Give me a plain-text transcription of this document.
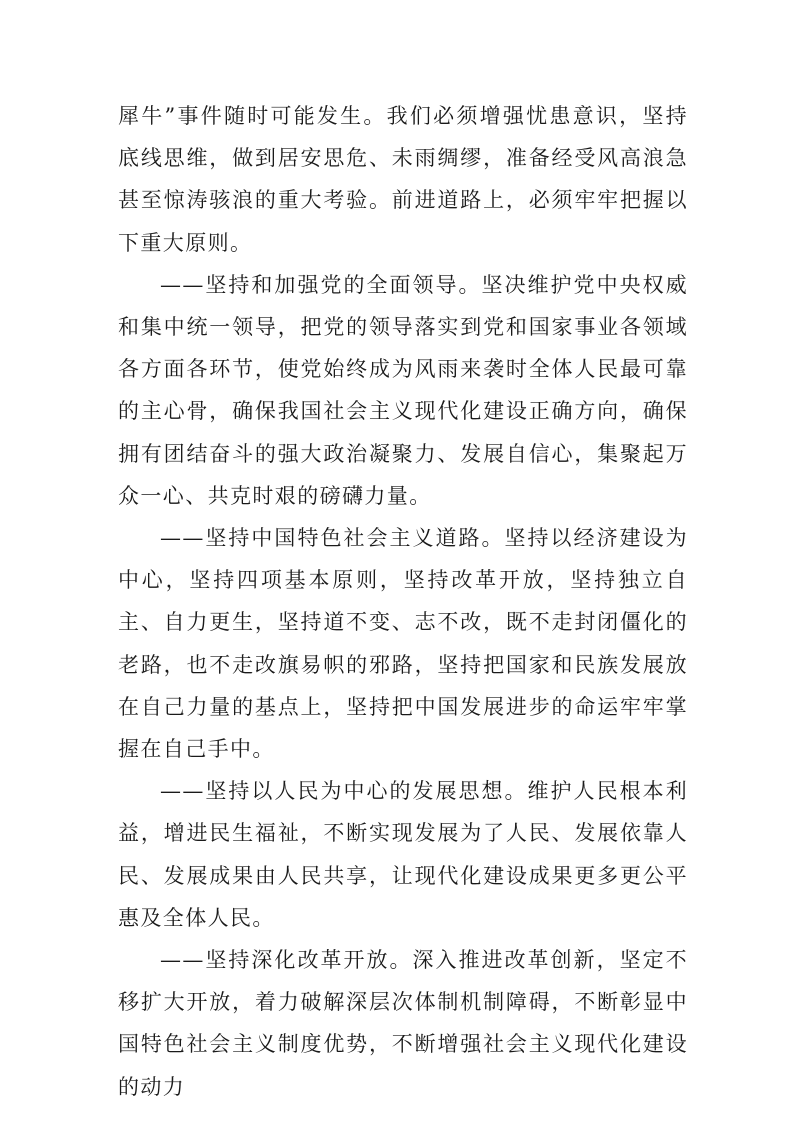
犀牛”事件随时可能发生。我们必须增强忧患意识，坚持底线思维，做到居安思危、未雨绸缪，准备经受风高浪急甚至惊涛骇浪的重大考验。前进道路上，必须牢牢把握以下重大原则。

——坚持和加强党的全面领导。坚决维护党中央权威和集中统一领导，把党的领导落实到党和国家事业各领域各方面各环节，使党始终成为风雨来袭时全体人民最可靠的主心骨，确保我国社会主义现代化建设正确方向，确保拥有团结奋斗的强大政治凝聚力、发展自信心，集聚起万众一心、共克时艰的磅礴力量。

——坚持中国特色社会主义道路。坚持以经济建设为中心，坚持四项基本原则，坚持改革开放，坚持独立自主、自力更生，坚持道不变、志不改，既不走封闭僵化的老路，也不走改旗易帜的邪路，坚持把国家和民族发展放在自己力量的基点上，坚持把中国发展进步的命运牢牢掌握在自己手中。

——坚持以人民为中心的发展思想。维护人民根本利益，增进民生福祉，不断实现发展为了人民、发展依靠人民、发展成果由人民共享，让现代化建设成果更多更公平惠及全体人民。

——坚持深化改革开放。深入推进改革创新，坚定不移扩大开放，着力破解深层次体制机制障碍，不断彰显中国特色社会主义制度优势，不断增强社会主义现代化建设的动力
